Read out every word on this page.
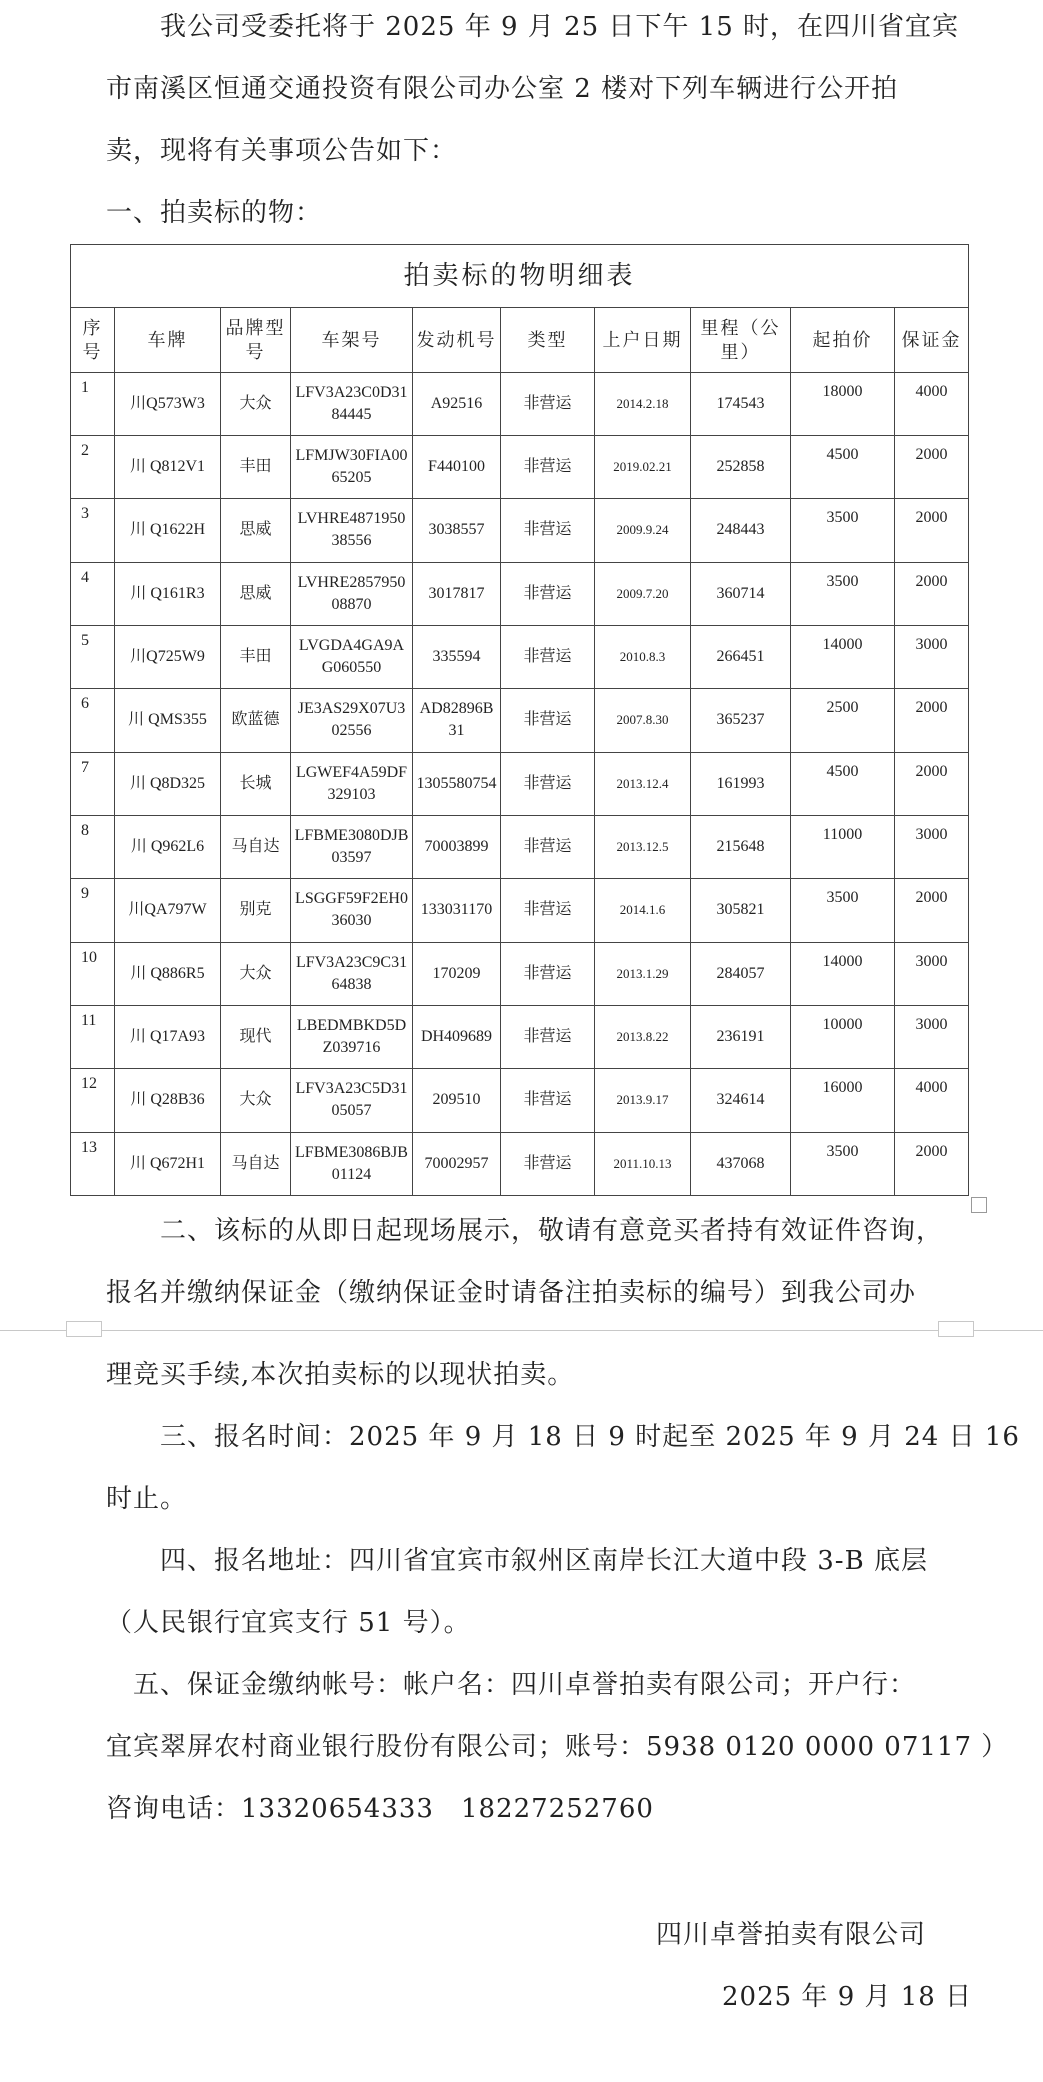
我公司受委托将于 2025 年 9 月 25 日下午 15 时，在四川省宜宾
市南溪区恒通交通投资有限公司办公室 2 楼对下列车辆进行公开拍
卖，现将有关事项公告如下：
一、拍卖标的物：
拍卖标的物明细表									
序号	车牌	品牌型号	车架号	发动机号	类型	上户日期	里程（公里）	起拍价	保证金
1	川Q573W3	大众	LFV3A23C0D3184445	A92516	非营运	2014.2.18	174543	18000	4000
2	川 Q812V1	丰田	LFMJW30FIA0065205	F440100	非营运	2019.02.21	252858	4500	2000
3	川 Q1622H	思威	LVHRE487195038556	3038557	非营运	2009.9.24	248443	3500	2000
4	川 Q161R3	思威	LVHRE285795008870	3017817	非营运	2009.7.20	360714	3500	2000
5	川Q725W9	丰田	LVGDA4GA9AG060550	335594	非营运	2010.8.3	266451	14000	3000
6	川 QMS355	欧蓝德	JE3AS29X07U302556	AD82896B31	非营运	2007.8.30	365237	2500	2000
7	川 Q8D325	长城	LGWEF4A59DF329103	1305580754	非营运	2013.12.4	161993	4500	2000
8	川 Q962L6	马自达	LFBME3080DJB03597	70003899	非营运	2013.12.5	215648	11000	3000
9	川QA797W	别克	LSGGF59F2EH036030	133031170	非营运	2014.1.6	305821	3500	2000
10	川 Q886R5	大众	LFV3A23C9C3164838	170209	非营运	2013.1.29	284057	14000	3000
11	川 Q17A93	现代	LBEDMBKD5DZ039716	DH409689	非营运	2013.8.22	236191	10000	3000
12	川 Q28B36	大众	LFV3A23C5D3105057	209510	非营运	2013.9.17	324614	16000	4000
13	川 Q672H1	马自达	LFBME3086BJB01124	70002957	非营运	2011.10.13	437068	3500	2000
二、该标的从即日起现场展示，敬请有意竞买者持有效证件咨询，
报名并缴纳保证金（缴纳保证金时请备注拍卖标的编号）到我公司办
理竞买手续,本次拍卖标的以现状拍卖。
三、报名时间：2025 年 9 月 18 日 9 时起至 2025 年 9 月 24 日 16
时止。
四、报名地址：四川省宜宾市叙州区南岸长江大道中段 3-B 底层
（人民银行宜宾支行 51 号）。
五、保证金缴纳帐号：帐户名：四川卓誉拍卖有限公司；开户行：
宜宾翠屏农村商业银行股份有限公司；账号：5938 0120 0000 07117 ）
咨询电话：13320654333　18227252760
四川卓誉拍卖有限公司
2025 年 9 月 18 日
